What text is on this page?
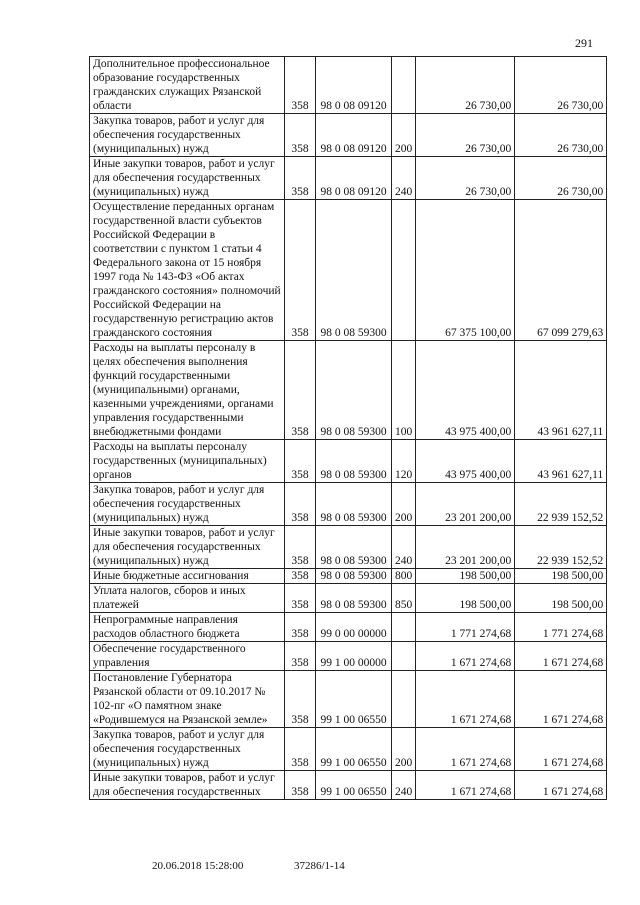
291
Дополнительное профессиональное образование государственных гражданских служащих Рязанской области	358	98 0 08 09120		26 730,00	26 730,00
Закупка товаров, работ и услуг для обеспечения государственных (муниципальных) нужд	358	98 0 08 09120	200	26 730,00	26 730,00
Иные закупки товаров, работ и услуг для обеспечения государственных (муниципальных) нужд	358	98 0 08 09120	240	26 730,00	26 730,00
Осуществление переданных органам государственной власти субъектов Российской Федерации в соответствии с пунктом 1 статьи 4 Федерального закона от 15 ноября 1997 года № 143-ФЗ «Об актах гражданского состояния» полномочий Российской Федерации на государственную регистрацию актов гражданского состояния	358	98 0 08 59300		67 375 100,00	67 099 279,63
Расходы на выплаты персоналу в целях обеспечения выполнения функций государственными (муниципальными) органами, казенными учреждениями, органами управления государственными внебюджетными фондами	358	98 0 08 59300	100	43 975 400,00	43 961 627,11
Расходы на выплаты персоналу государственных (муниципальных) органов	358	98 0 08 59300	120	43 975 400,00	43 961 627,11
Закупка товаров, работ и услуг для обеспечения государственных (муниципальных) нужд	358	98 0 08 59300	200	23 201 200,00	22 939 152,52
Иные закупки товаров, работ и услуг для обеспечения государственных (муниципальных) нужд	358	98 0 08 59300	240	23 201 200,00	22 939 152,52
Иные бюджетные ассигнования	358	98 0 08 59300	800	198 500,00	198 500,00
Уплата налогов, сборов и иных платежей	358	98 0 08 59300	850	198 500,00	198 500,00
Непрограммные направления расходов областного бюджета	358	99 0 00 00000		1 771 274,68	1 771 274,68
Обеспечение государственного управления	358	99 1 00 00000		1 671 274,68	1 671 274,68
Постановление Губернатора Рязанской области от 09.10.2017 № 102-пг «О памятном знаке «Родившемуся на Рязанской земле»	358	99 1 00 06550		1 671 274,68	1 671 274,68
Закупка товаров, работ и услуг для обеспечения государственных (муниципальных) нужд	358	99 1 00 06550	200	1 671 274,68	1 671 274,68
Иные закупки товаров, работ и услуг для обеспечения государственных	358	99 1 00 06550	240	1 671 274,68	1 671 274,68
20.06.2018 15:28:00	37286/1-14
